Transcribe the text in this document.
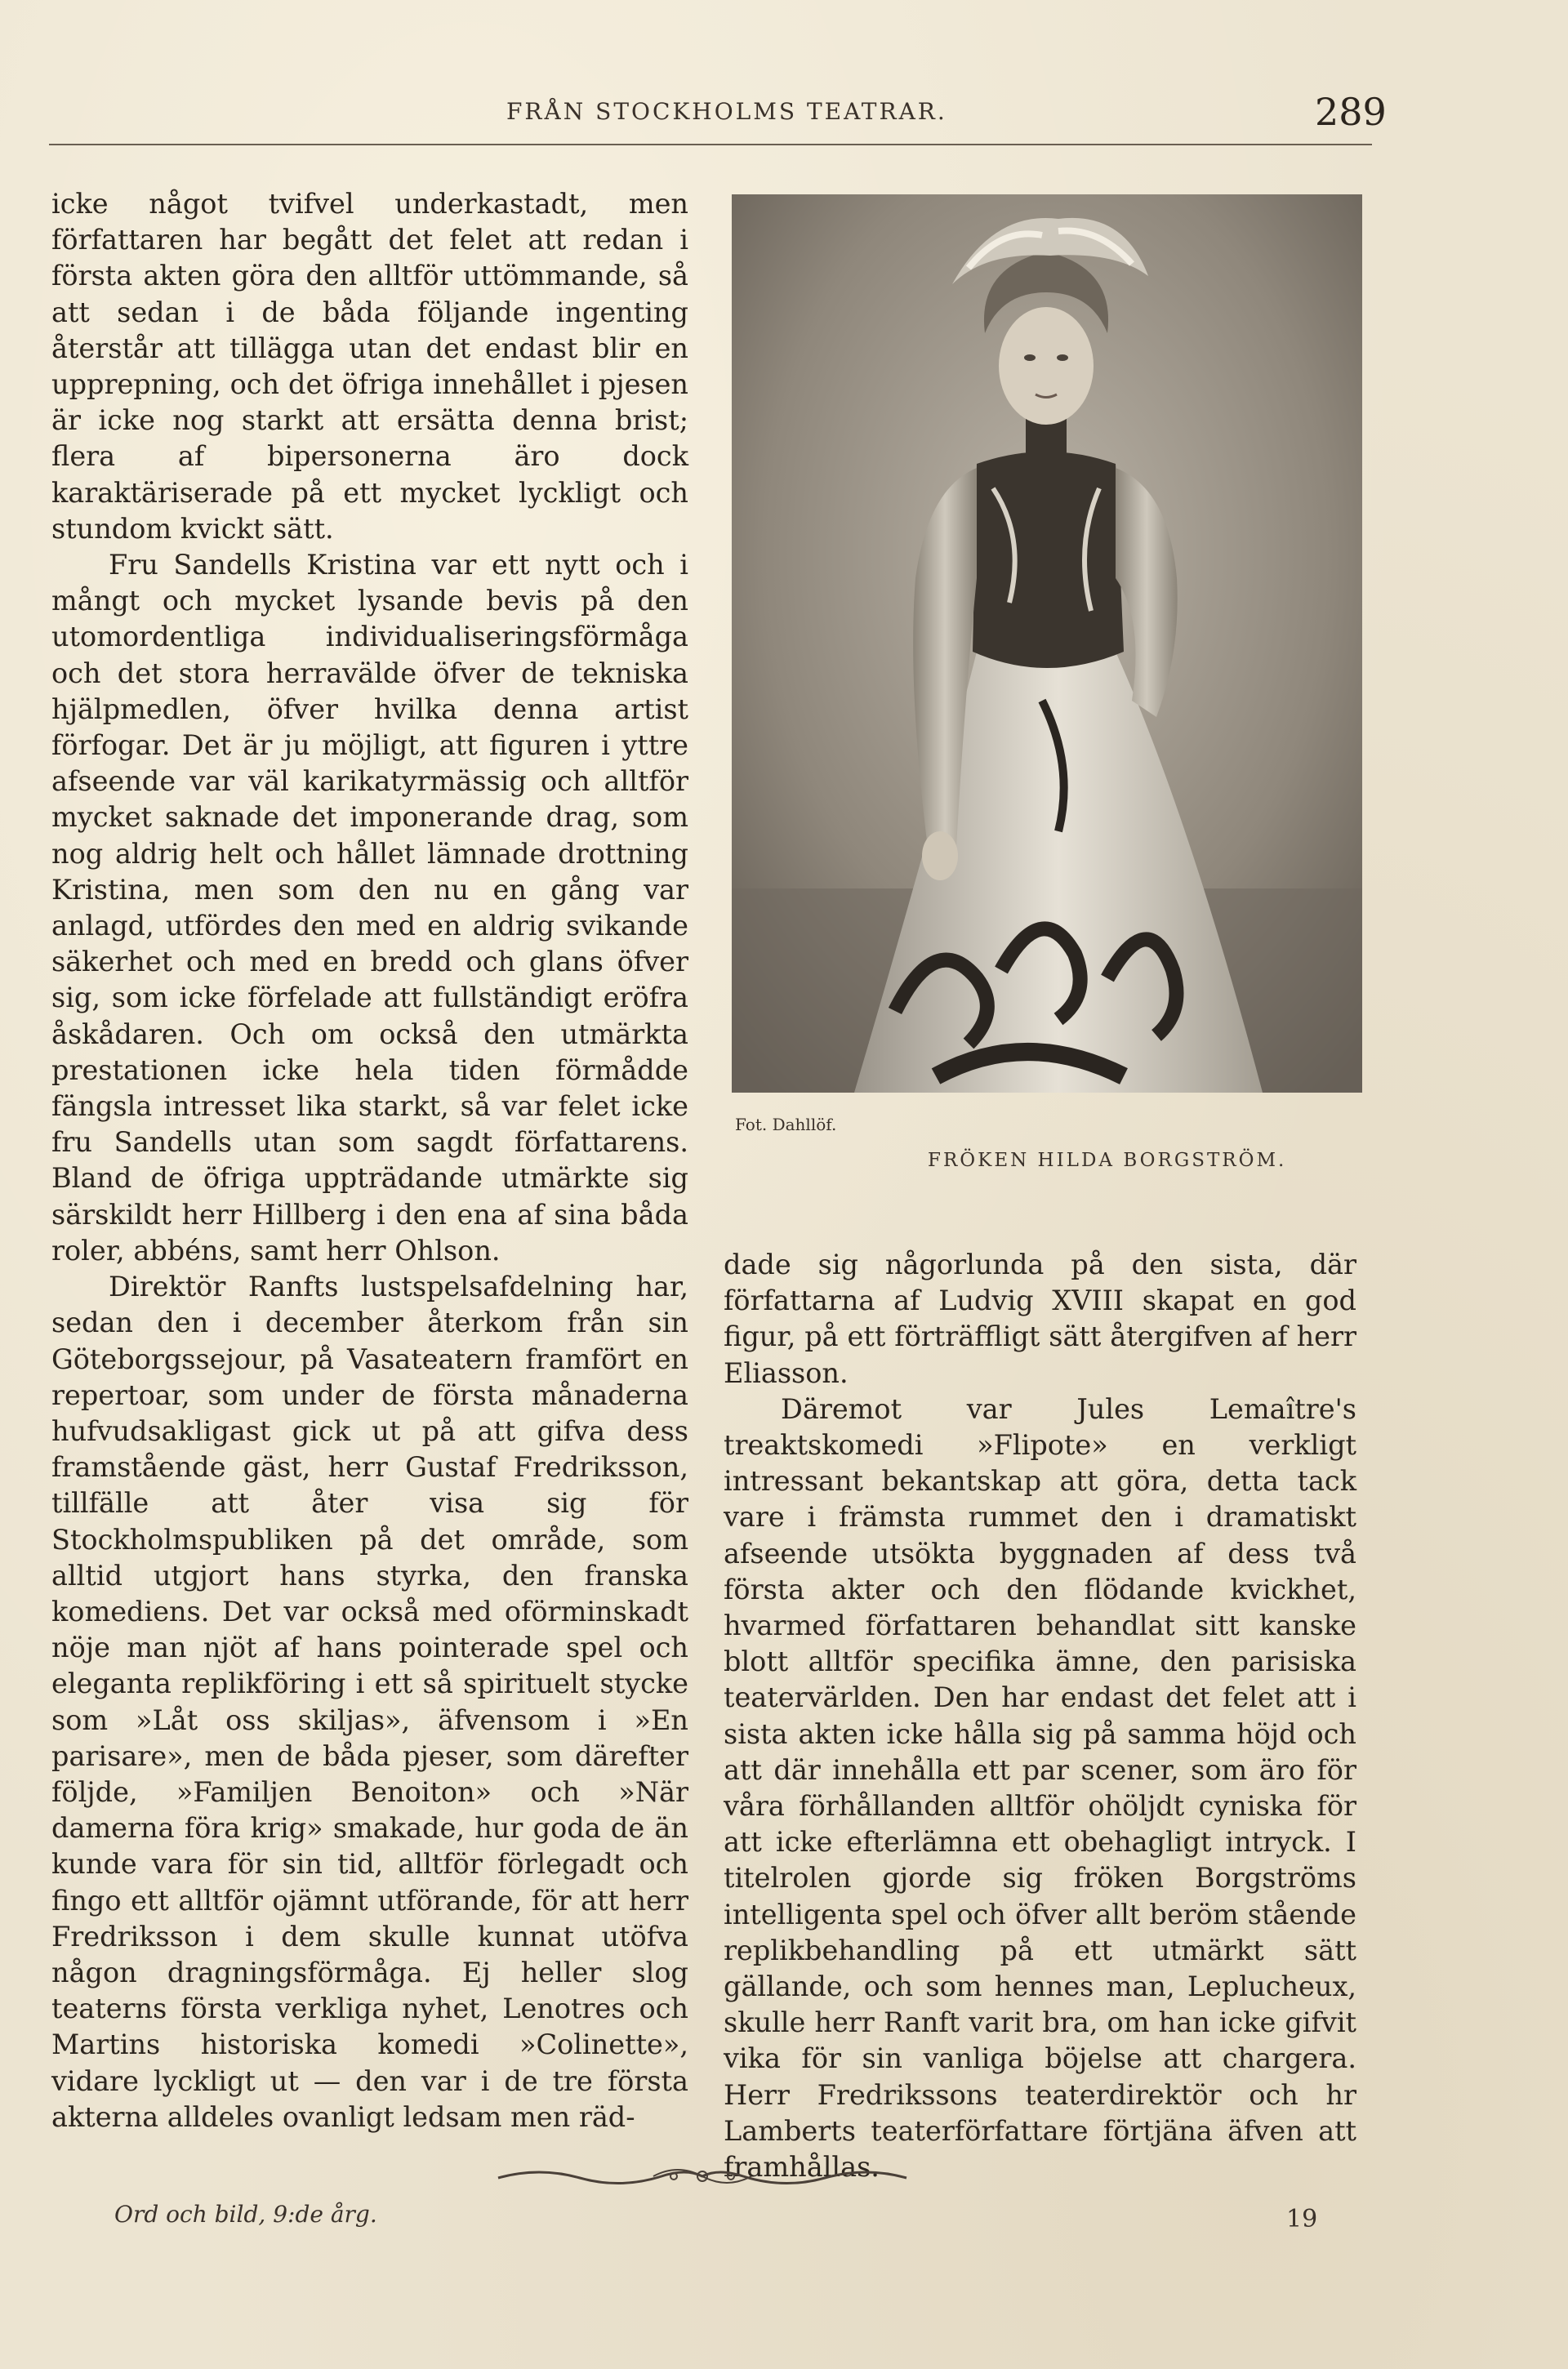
FRÅN STOCKHOLMS TEATRAR.	289

icke något tvifvel underkastadt, men författaren har begått det felet att redan i första akten göra den alltför uttömmande, så att sedan i de båda följande ingenting återstår att tillägga utan det endast blir en upprepning, och det öfriga innehållet i pjesen är icke nog starkt att ersätta denna brist; flera af bipersonerna äro dock karaktäriserade på ett mycket lyckligt och stundom kvickt sätt.

Fru Sandells Kristina var ett nytt och i mångt och mycket lysande bevis på den utomordentliga individualiseringsförmåga och det stora herravälde öfver de tekniska hjälpmedlen, öfver hvilka denna artist förfogar. Det är ju möjligt, att figuren i yttre afseende var väl karikatyrmässig och alltför mycket saknade det imponerande drag, som nog aldrig helt och hållet lämnade drottning Kristina, men som den nu en gång var anlagd, utfördes den med en aldrig svikande säkerhet och med en bredd och glans öfver sig, som icke förfelade att fullständigt eröfra åskådaren. Och om också den utmärkta prestationen icke hela tiden förmådde fängsla intresset lika starkt, så var felet icke fru Sandells utan som sagdt författarens. Bland de öfriga uppträdande utmärkte sig särskildt herr Hillberg i den ena af sina båda roler, abbéns, samt herr Ohlson.

Direktör Ranfts lustspelsafdelning har, sedan den i december återkom från sin Göteborgssejour, på Vasateatern framfört en repertoar, som under de första månaderna hufvudsakligast gick ut på att gifva dess framstående gäst, herr Gustaf Fredriksson, tillfälle att åter visa sig för Stockholmspubliken på det område, som alltid utgjort hans styrka, den franska komediens. Det var också med oförminskadt nöje man njöt af hans pointerade spel och eleganta replikföring i ett så spirituelt stycke som »Låt oss skiljas», äfvensom i »En parisare», men de båda pjeser, som därefter följde, »Familjen Benoiton» och »När damerna föra krig» smakade, hur goda de än kunde vara för sin tid, alltför förlegadt och fingo ett alltför ojämnt utförande, för att herr Fredriksson i dem skulle kunnat utöfva någon dragningsförmåga. Ej heller slog teaterns första verkliga nyhet, Lenotres och Martins historiska komedi »Colinette», vidare lyckligt ut — den var i de tre första akterna alldeles ovanligt ledsam men räd-

Fot. Dahllöf.
FRÖKEN HILDA BORGSTRÖM.

dade sig någorlunda på den sista, där författarna af Ludvig XVIII skapat en god figur, på ett förträffligt sätt återgifven af herr Eliasson.

Däremot var Jules Lemaître's treaktskomedi »Flipote» en verkligt intressant bekantskap att göra, detta tack vare i främsta rummet den i dramatiskt afseende utsökta byggnaden af dess två första akter och den flödande kvickhet, hvarmed författaren behandlat sitt kanske blott alltför specifika ämne, den parisiska teatervärlden. Den har endast det felet att i sista akten icke hålla sig på samma höjd och att där innehålla ett par scener, som äro för våra förhållanden alltför ohöljdt cyniska för att icke efterlämna ett obehagligt intryck. I titelrolen gjorde sig fröken Borgströms intelligenta spel och öfver allt beröm stående replikbehandling på ett utmärkt sätt gällande, och som hennes man, Leplucheux, skulle herr Ranft varit bra, om han icke gifvit vika för sin vanliga böjelse att chargera. Herr Fredrikssons teaterdirektör och hr Lamberts teaterförfattare förtjäna äfven att framhållas.

Ord och bild, 9:de årg.	19
